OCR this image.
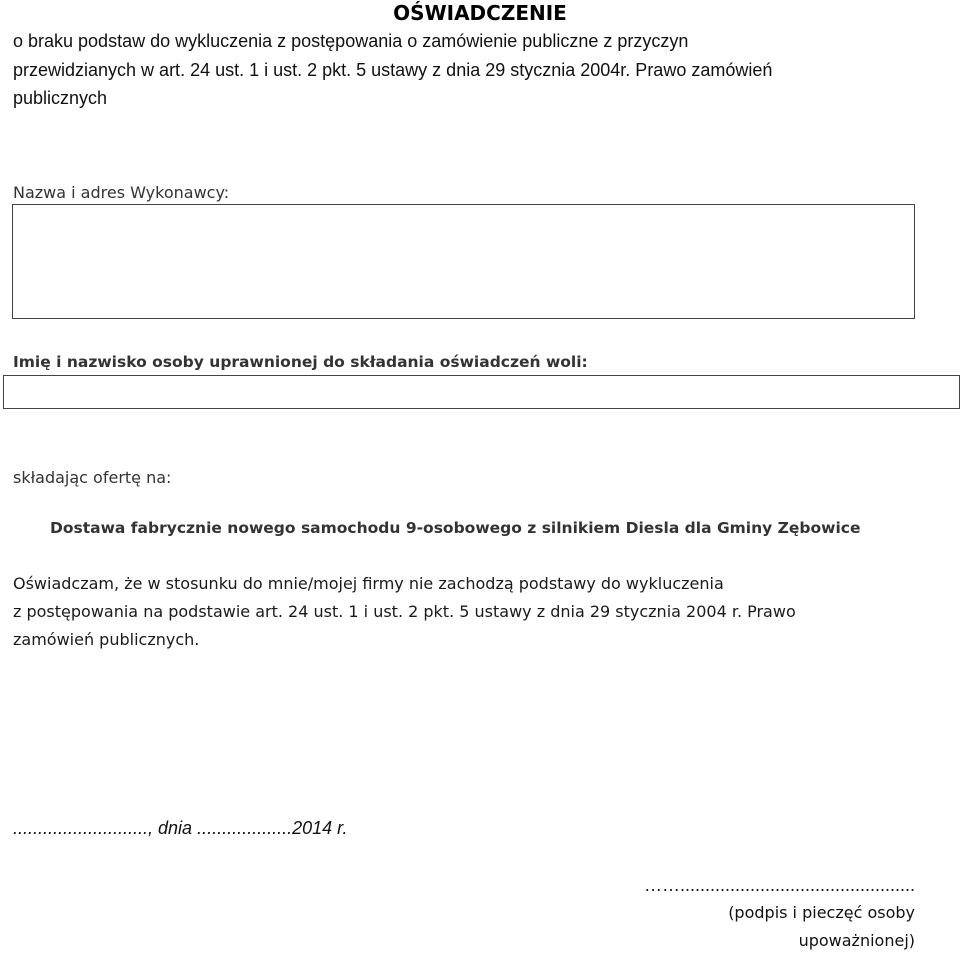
OŚWIADCZENIE
o braku podstaw do wykluczenia z postępowania o zamówienie publiczne z przyczyn
przewidzianych w art. 24 ust. 1 i ust. 2 pkt. 5 ustawy z dnia 29 stycznia 2004r. Prawo zamówień
publicznych
Nazwa i adres Wykonawcy:
Imię i nazwisko osoby uprawnionej do składania oświadczeń woli:
składając ofertę na:
Dostawa fabrycznie nowego samochodu 9-osobowego z silnikiem Diesla dla Gminy Zębowice
Oświadczam, że w stosunku do mnie/mojej firmy nie zachodzą podstawy do wykluczenia
z postępowania na podstawie art. 24 ust. 1 i ust. 2 pkt. 5 ustawy z dnia 29 stycznia 2004 r. Prawo
zamówień publicznych.
..........................., dnia ...................2014 r.
……...............................................
(podpis i pieczęć osoby
upoważnionej)
